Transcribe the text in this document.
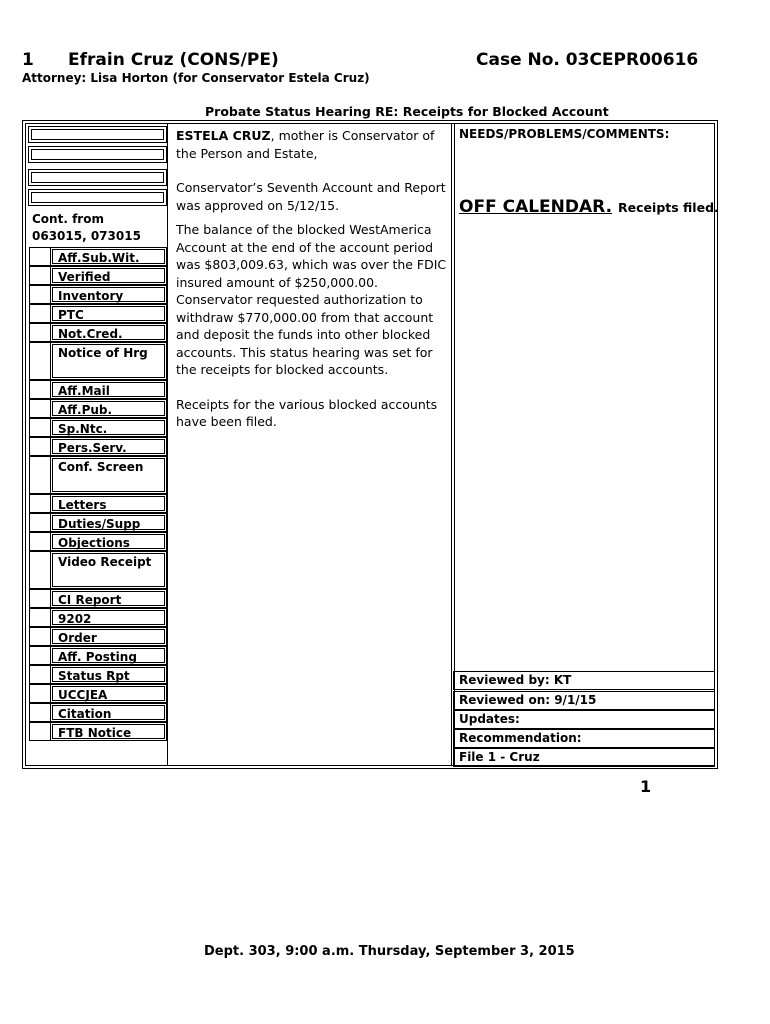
1 Efrain Cruz (CONS/PE)	Case No. 03CEPR00616
Attorney: Lisa Horton (for Conservator Estela Cruz)
Probate Status Hearing RE: Receipts for Blocked Account
Cont. from 063015, 073015
Aff.Sub.Wit.
Verified
Inventory
PTC
Not.Cred.
Notice of Hrg
Aff.Mail
Aff.Pub.
Sp.Ntc.
Pers.Serv.
Conf. Screen
Letters
Duties/Supp
Objections
Video Receipt
CI Report
9202
Order
Aff. Posting
Status Rpt
UCCJEA
Citation
FTB Notice

ESTELA CRUZ, mother is Conservator of the Person and Estate,

Conservator’s Seventh Account and Report was approved on 5/12/15.

The balance of the blocked WestAmerica Account at the end of the account period was $803,009.63, which was over the FDIC insured amount of $250,000.00. Conservator requested authorization to withdraw $770,000.00 from that account and deposit the funds into other blocked accounts. This status hearing was set for the receipts for blocked accounts.

Receipts for the various blocked accounts have been filed.

NEEDS/PROBLEMS/COMMENTS:
OFF CALENDAR. Receipts filed.
Reviewed by: KT
Reviewed on: 9/1/15
Updates:
Recommendation:
File 1 - Cruz
1
Dept. 303, 9:00 a.m. Thursday, September 3, 2015
